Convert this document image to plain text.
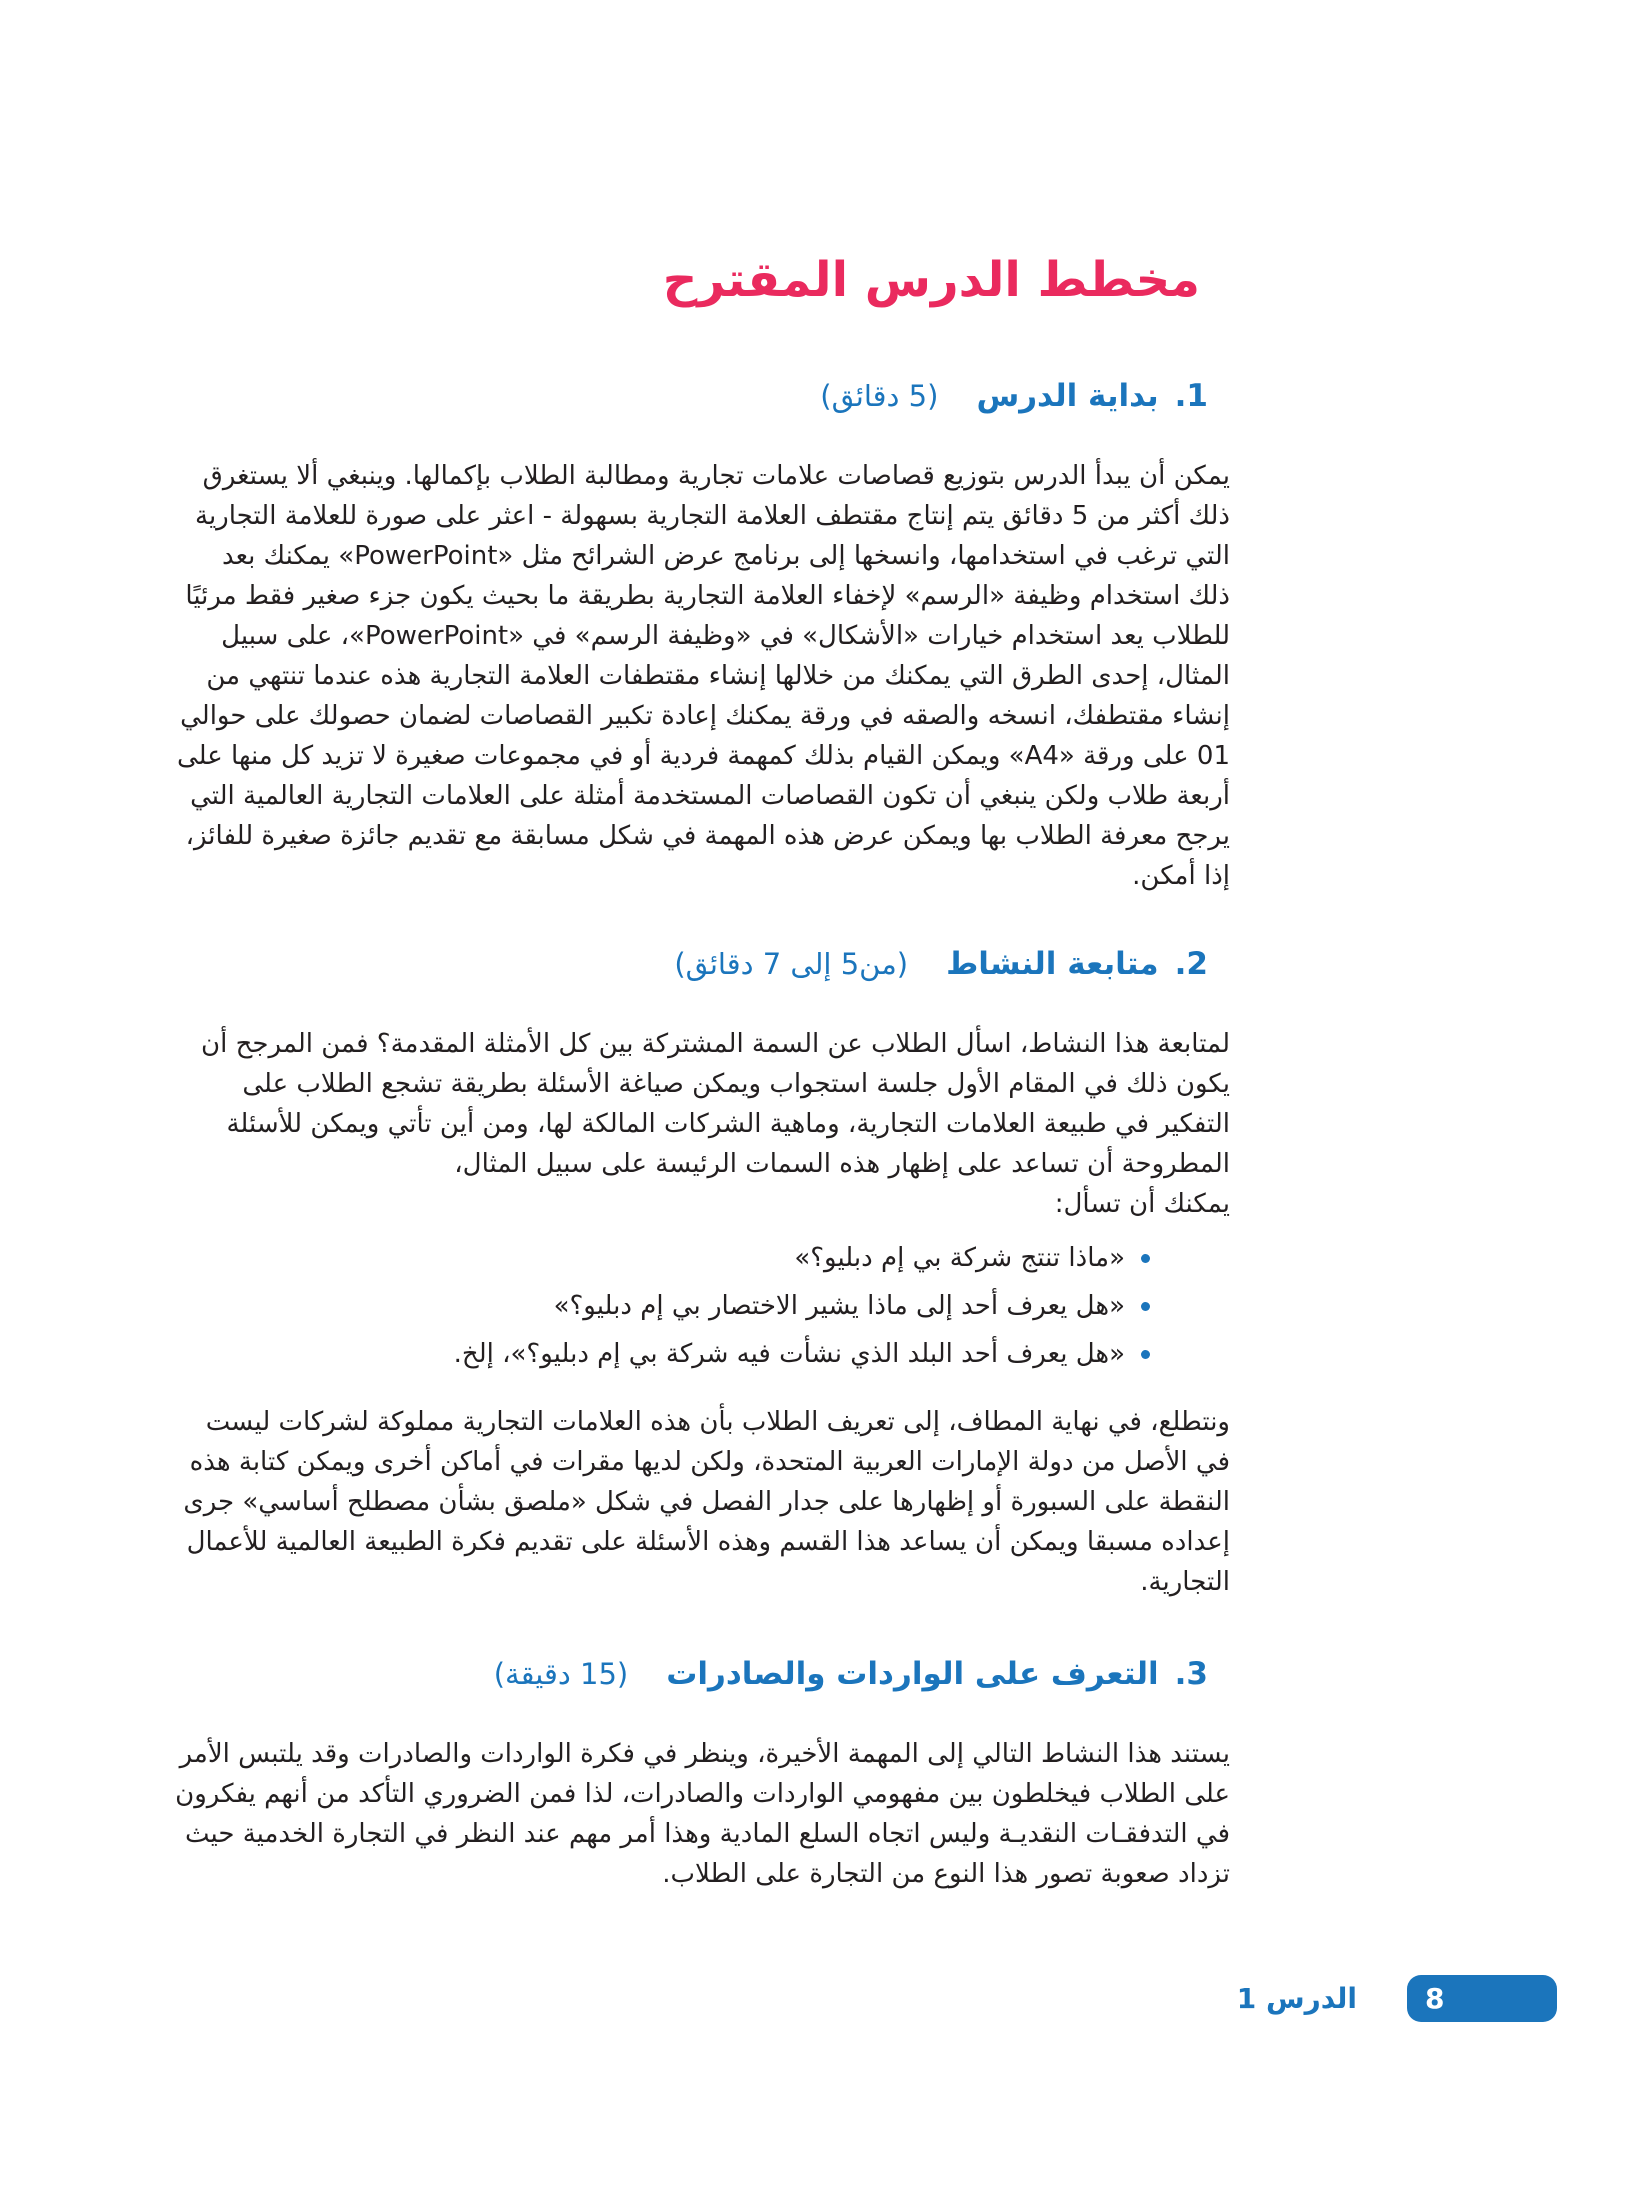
مخطط الدرس المقترح
1.بداية الدرس(5 دقائق)

يمكن أن يبدأ الدرس بتوزيع قصاصات علامات تجارية ومطالبة الطلاب بإكمالها. وينبغي ألا يستغرق ذلك أكثر من 5 دقائق يتم إنتاج مقتطف العلامة التجارية بسهولة - اعثر على صورة للعلامة التجارية التي ترغب في استخدامها، وانسخها إلى برنامج عرض الشرائح مثل «PowerPoint» يمكنك بعد ذلك استخدام وظيفة «الرسم» لإخفاء العلامة التجارية بطريقة ما بحيث يكون جزء صغير فقط مرئيًا للطلاب يعد استخدام خيارات «الأشكال» في «وظيفة الرسم» في «PowerPoint»، على سبيل المثال، إحدى الطرق التي يمكنك من خلالها إنشاء مقتطفات العلامة التجارية هذه عندما تنتهي من إنشاء مقتطفك، انسخه والصقه في ورقة يمكنك إعادة تكبير القصاصات لضمان حصولك على حوالي 01 على ورقة «A4» ويمكن القيام بذلك كمهمة فردية أو في مجموعات صغيرة لا تزيد كل منها على أربعة طلاب ولكن ينبغي أن تكون القصاصات المستخدمة أمثلة على العلامات التجارية العالمية التي يرجح معرفة الطلاب بها ويمكن عرض هذه المهمة في شكل مسابقة مع تقديم جائزة صغيرة للفائز، إذا أمكن.

2.متابعة النشاط(من5 إلى 7 دقائق)

لمتابعة هذا النشاط، اسأل الطلاب عن السمة المشتركة بين كل الأمثلة المقدمة؟ فمن المرجح أن يكون ذلك في المقام الأول جلسة استجواب ويمكن صياغة الأسئلة بطريقة تشجع الطلاب على التفكير في طبيعة العلامات التجارية، وماهية الشركات المالكة لها، ومن أين تأتي ويمكن للأسئلة المطروحة أن تساعد على إظهار هذه السمات الرئيسة على سبيل المثال،

يمكنك أن تسأل:

«ماذا تنتج شركة بي إم دبليو؟»
«هل يعرف أحد إلى ماذا يشير الاختصار بي إم دبليو؟»
«هل يعرف أحد البلد الذي نشأت فيه شركة بي إم دبليو؟»، إلخ.

ونتطلع، في نهاية المطاف، إلى تعريف الطلاب بأن هذه العلامات التجارية مملوكة لشركات ليست في الأصل من دولة الإمارات العربية المتحدة، ولكن لديها مقرات في أماكن أخرى ويمكن كتابة هذه النقطة على السبورة أو إظهارها على جدار الفصل في شكل «ملصق بشأن مصطلح أساسي» جرى إعداده مسبقا ويمكن أن يساعد هذا القسم وهذه الأسئلة على تقديم فكرة الطبيعة العالمية للأعمال التجارية.

3.التعرف على الواردات والصادرات(15 دقيقة)

يستند هذا النشاط التالي إلى المهمة الأخيرة، وينظر في فكرة الواردات والصادرات وقد يلتبس الأمر على الطلاب فيخلطون بين مفهومي الواردات والصادرات، لذا فمن الضروري التأكد من أنهم يفكرون في التدفقـات النقديـة وليس اتجاه السلع المادية وهذا أمر مهم عند النظر في التجارة الخدمية حيث تزداد صعوبة تصور هذا النوع من التجارة على الطلاب.

الدرس 1 8
